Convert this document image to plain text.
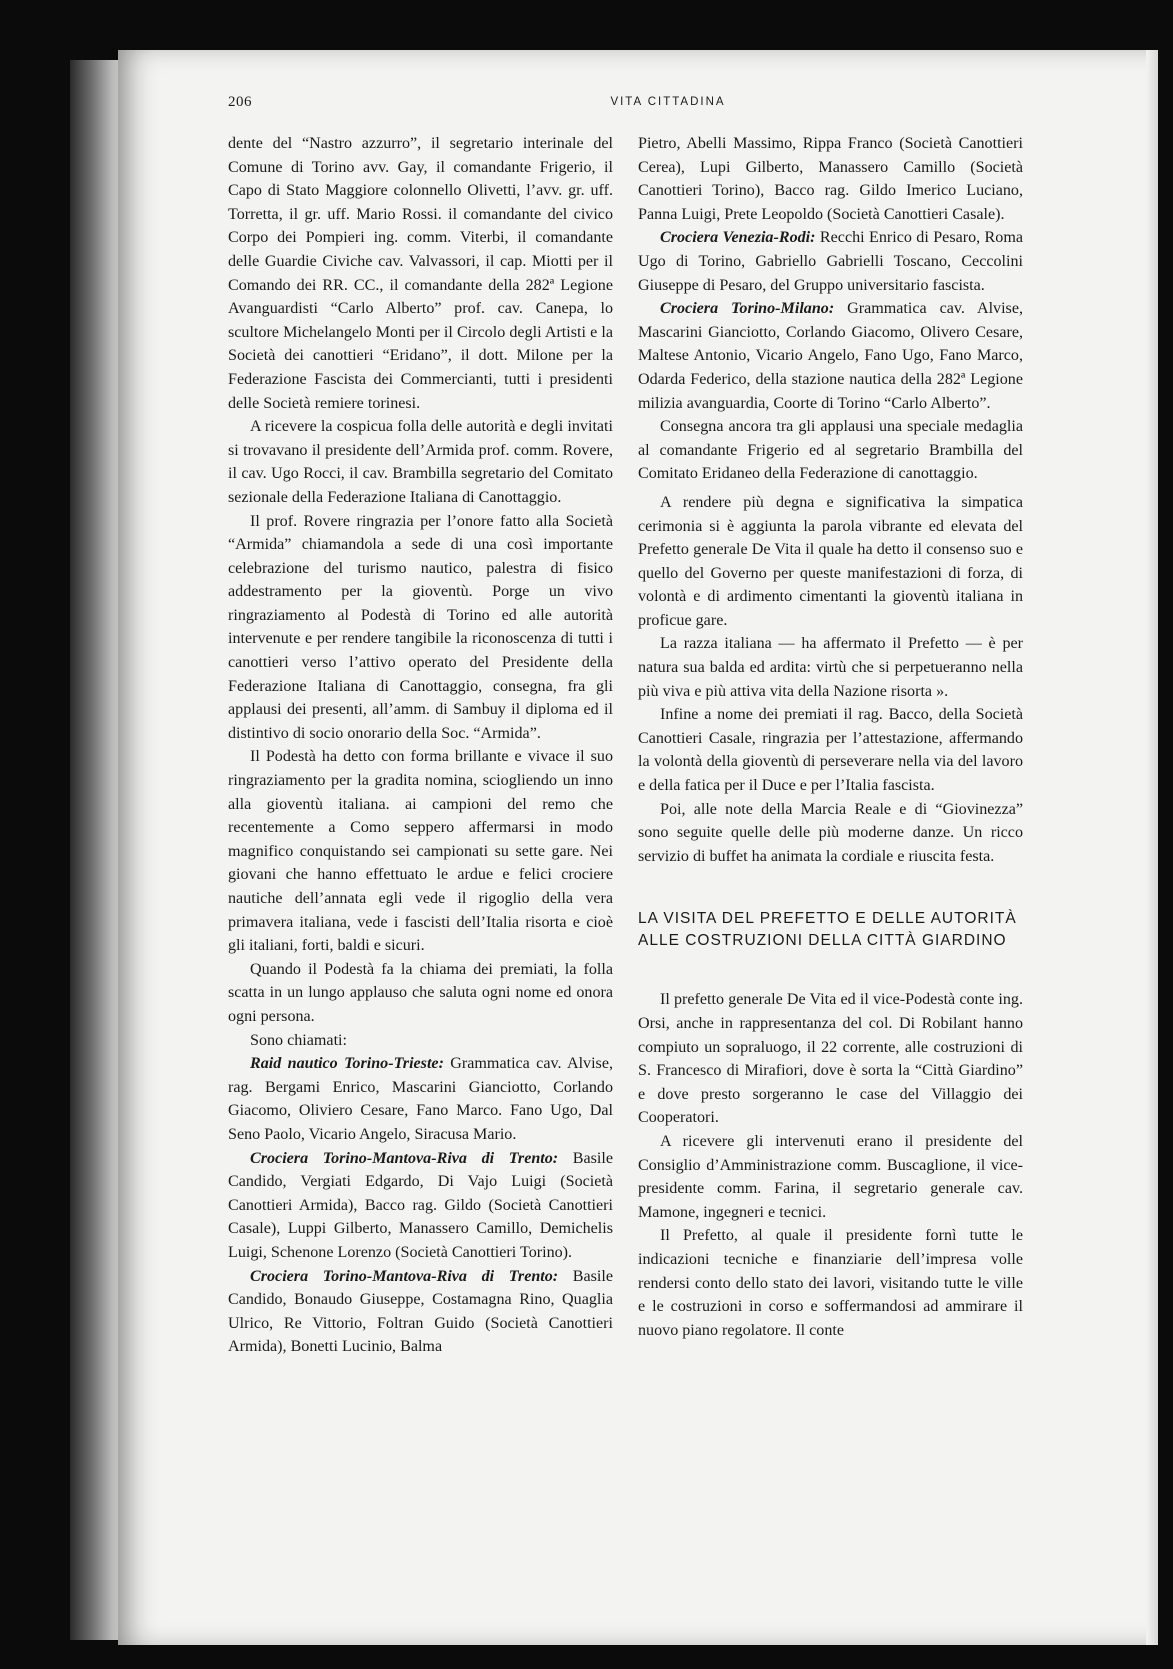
206	VITA CITTADINA

dente del “Nastro azzurro”, il segretario interinale del Comune di Torino avv. Gay, il comandante Frigerio, il Capo di Stato Maggiore colonnello Olivetti, l’avv. gr. uff. Torretta, il gr. uff. Mario Rossi. il comandante del civico Corpo dei Pompieri ing. comm. Viterbi, il comandante delle Guardie Civiche cav. Valvassori, il cap. Miotti per il Comando dei RR. CC., il comandante della 282ª Legione Avanguardisti “Carlo Alberto” prof. cav. Canepa, lo scultore Michelangelo Monti per il Circolo degli Artisti e la Società dei canottieri “Eridano”, il dott. Milone per la Federazione Fascista dei Commercianti, tutti i presidenti delle Società remiere torinesi.

A ricevere la cospicua folla delle autorità e degli invitati si trovavano il presidente dell’Armida prof. comm. Rovere, il cav. Ugo Rocci, il cav. Brambilla segretario del Comitato sezionale della Federazione Italiana di Canottaggio.

Il prof. Rovere ringrazia per l’onore fatto alla Società “Armida” chiamandola a sede di una così importante celebrazione del turismo nautico, palestra di fisico addestramento per la gioventù. Porge un vivo ringraziamento al Podestà di Torino ed alle autorità intervenute e per rendere tangibile la riconoscenza di tutti i canottieri verso l’attivo operato del Presidente della Federazione Italiana di Canottaggio, consegna, fra gli applausi dei presenti, all’amm. di Sambuy il diploma ed il distintivo di socio onorario della Soc. “Armida”.

Il Podestà ha detto con forma brillante e vivace il suo ringraziamento per la gradita nomina, sciogliendo un inno alla gioventù italiana. ai campioni del remo che recentemente a Como seppero affermarsi in modo magnifico conquistando sei campionati su sette gare. Nei giovani che hanno effettuato le ardue e felici crociere nautiche dell’annata egli vede il rigoglio della vera primavera italiana, vede i fascisti dell’Italia risorta e cioè gli italiani, forti, baldi e sicuri.

Quando il Podestà fa la chiama dei premiati, la folla scatta in un lungo applauso che saluta ogni nome ed onora ogni persona.

Sono chiamati:

Raid nautico Torino-Trieste: Grammatica cav. Alvise, rag. Bergami Enrico, Mascarini Gianciotto, Corlando Giacomo, Oliviero Cesare, Fano Marco. Fano Ugo, Dal Seno Paolo, Vicario Angelo, Siracusa Mario.

Crociera Torino-Mantova-Riva di Trento: Basile Candido, Vergiati Edgardo, Di Vajo Luigi (Società Canottieri Armida), Bacco rag. Gildo (Società Canottieri Casale), Luppi Gilberto, Manassero Camillo, Demichelis Luigi, Schenone Lorenzo (Società Canottieri Torino).

Crociera Torino-Mantova-Riva di Trento: Basile Candido, Bonaudo Giuseppe, Costamagna Rino, Quaglia Ulrico, Re Vittorio, Foltran Guido (Società Canottieri Armida), Bonetti Lucinio, Balma

Pietro, Abelli Massimo, Rippa Franco (Società Canottieri Cerea), Lupi Gilberto, Manassero Camillo (Società Canottieri Torino), Bacco rag. Gildo Imerico Luciano, Panna Luigi, Prete Leopoldo (Società Canottieri Casale).

Crociera Venezia-Rodi: Recchi Enrico di Pesaro, Roma Ugo di Torino, Gabriello Gabrielli Toscano, Ceccolini Giuseppe di Pesaro, del Gruppo universitario fascista.

Crociera Torino-Milano: Grammatica cav. Alvise, Mascarini Gianciotto, Corlando Giacomo, Olivero Cesare, Maltese Antonio, Vicario Angelo, Fano Ugo, Fano Marco, Odarda Federico, della stazione nautica della 282ª Legione milizia avanguardia, Coorte di Torino “Carlo Alberto”.

Consegna ancora tra gli applausi una speciale medaglia al comandante Frigerio ed al segretario Brambilla del Comitato Eridaneo della Federazione di canottaggio.

A rendere più degna e significativa la simpatica cerimonia si è aggiunta la parola vibrante ed elevata del Prefetto generale De Vita il quale ha detto il consenso suo e quello del Governo per queste manifestazioni di forza, di volontà e di ardimento cimentanti la gioventù italiana in proficue gare.

La razza italiana — ha affermato il Prefetto — è per natura sua balda ed ardita: virtù che si perpetueranno nella più viva e più attiva vita della Nazione risorta ».

Infine a nome dei premiati il rag. Bacco, della Società Canottieri Casale, ringrazia per l’attestazione, affermando la volontà della gioventù di perseverare nella via del lavoro e della fatica per il Duce e per l’Italia fascista.

Poi, alle note della Marcia Reale e di “Giovinezza” sono seguite quelle delle più moderne danze. Un ricco servizio di buffet ha animata la cordiale e riuscita festa.

LA VISITA DEL PREFETTO E DELLE AUTORITÀ ALLE COSTRUZIONI DELLA CITTÀ GIARDINO

Il prefetto generale De Vita ed il vice-Podestà conte ing. Orsi, anche in rappresentanza del col. Di Robilant hanno compiuto un sopraluogo, il 22 corrente, alle costruzioni di S. Francesco di Mirafiori, dove è sorta la “Città Giardino” e dove presto sorgeranno le case del Villaggio dei Cooperatori.

A ricevere gli intervenuti erano il presidente del Consiglio d’Amministrazione comm. Buscaglione, il vice-presidente comm. Farina, il segretario generale cav. Mamone, ingegneri e tecnici.

Il Prefetto, al quale il presidente fornì tutte le indicazioni tecniche e finanziarie dell’impresa volle rendersi conto dello stato dei lavori, visitando tutte le ville e le costruzioni in corso e soffermandosi ad ammirare il nuovo piano regolatore. Il conte
